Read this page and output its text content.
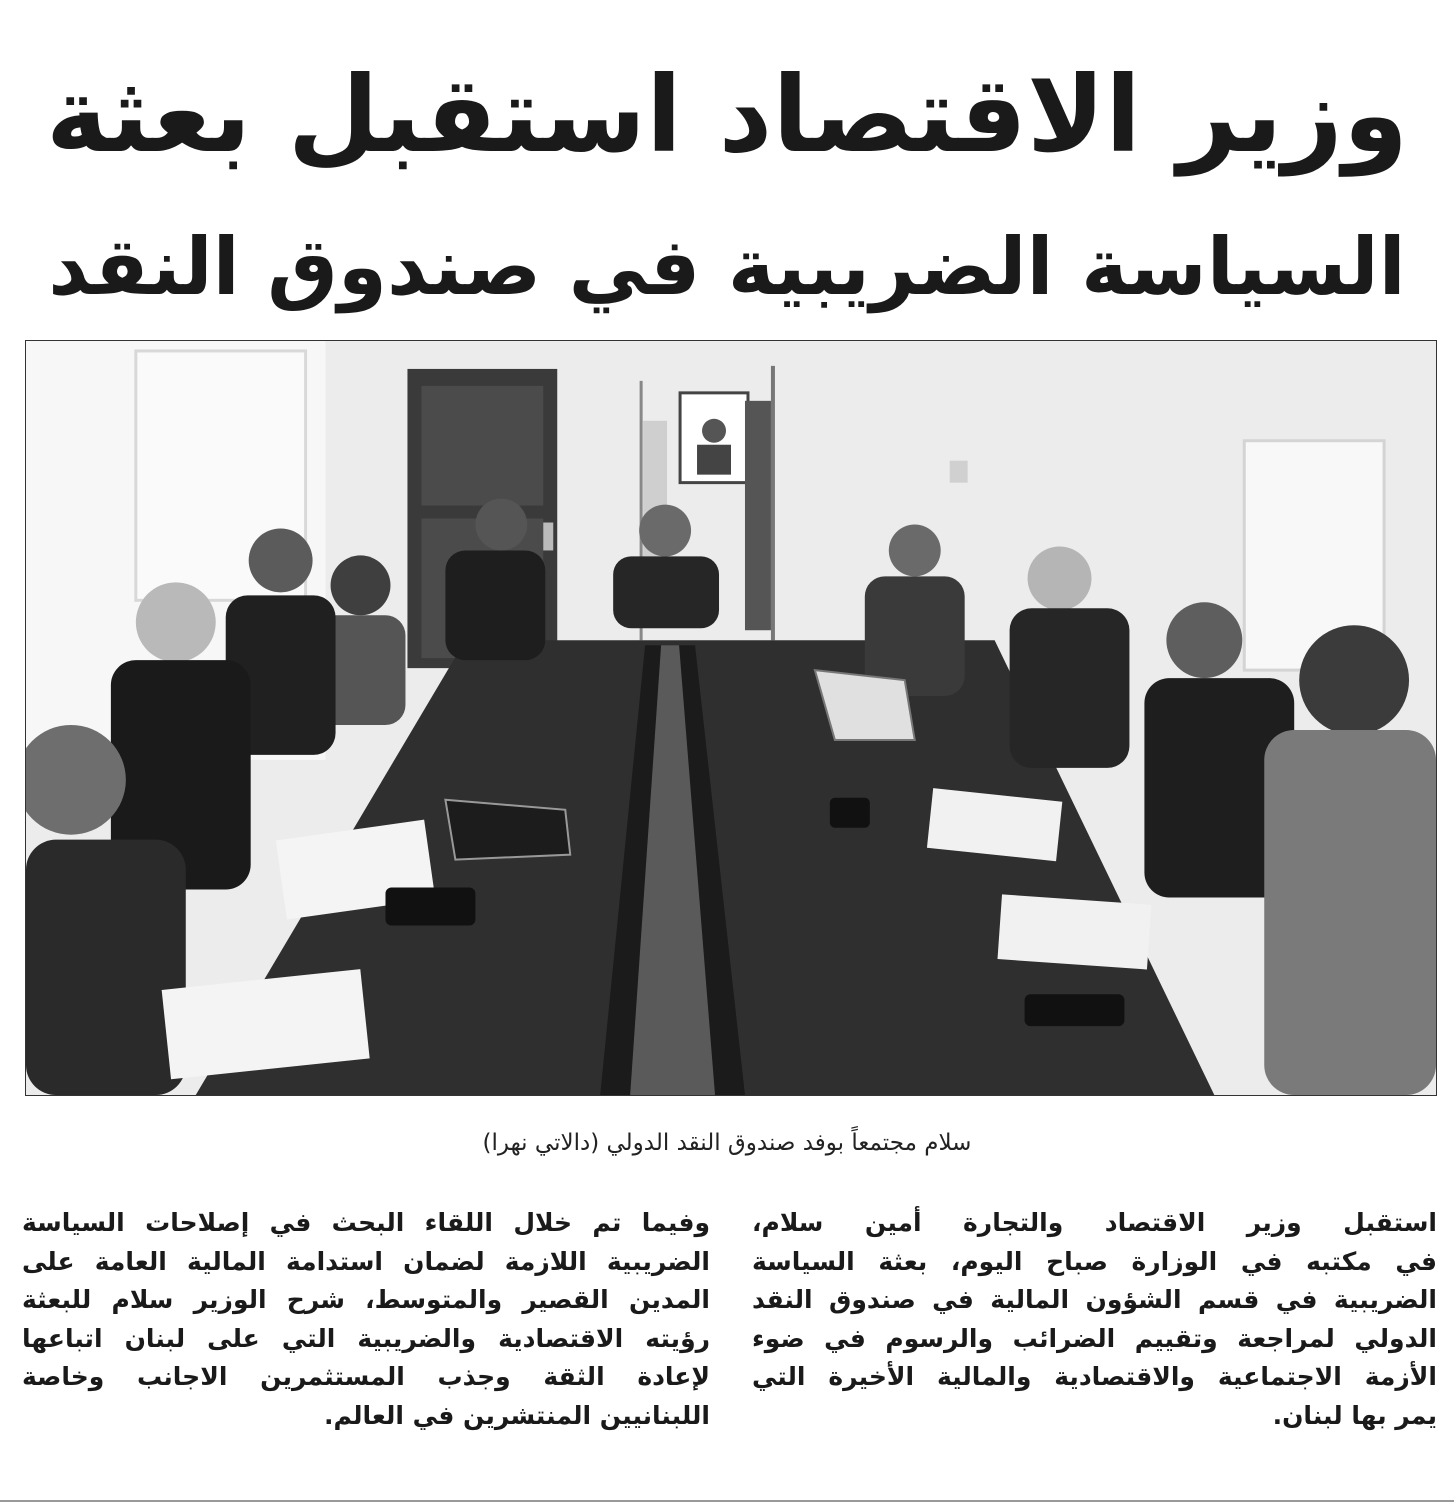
وزير الاقتصاد استقبل بعثة
السياسة الضريبية في صندوق النقد
سلام مجتمعاً بوفد صندوق النقد الدولي (دالاتي نهرا)
استقبل وزير الاقتصاد والتجارة أمين سلام،
في مكتبه في الوزارة صباح اليوم، بعثة السياسة
الضريبية في قسم الشؤون المالية في صندوق النقد
الدولي لمراجعة وتقييم الضرائب والرسوم في ضوء
الأزمة الاجتماعية والاقتصادية والمالية الأخيرة التي
يمر بها لبنان.
وفيما تم خلال اللقاء البحث في إصلاحات السياسة
الضريبية اللازمة لضمان استدامة المالية العامة على
المدين القصير والمتوسط، شرح الوزير سلام للبعثة
رؤيته الاقتصادية والضريبية التي على لبنان اتباعها
لإعادة الثقة وجذب المستثمرين الاجانب وخاصة
اللبنانيين المنتشرين في العالم.
